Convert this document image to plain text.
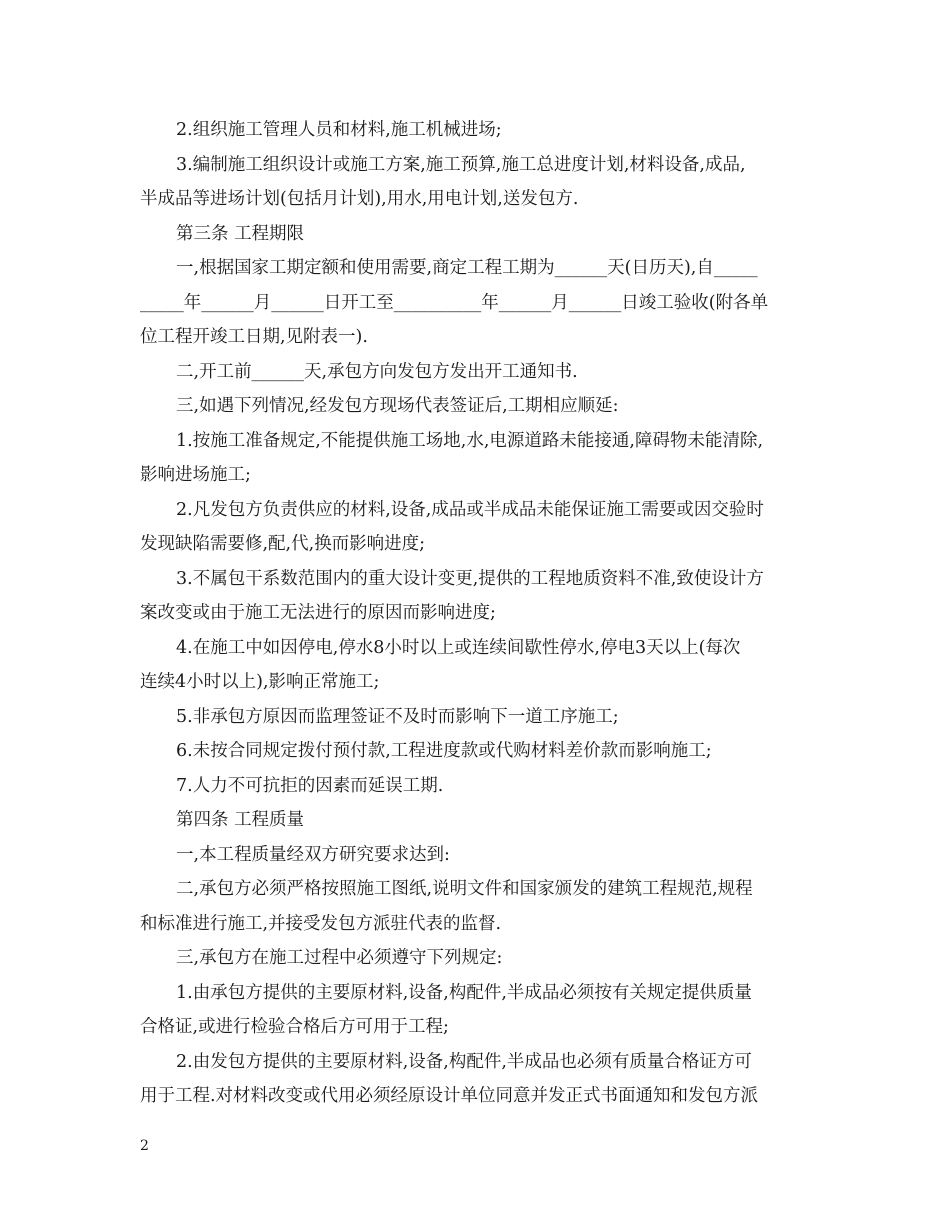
2.组织施工管理人员和材料,施工机械进场;
3.编制施工组织设计或施工方案,施工预算,施工总进度计划,材料设备,成品,
半成品等进场计划(包括月计划),用水,用电计划,送发包方.
第三条 工程期限
一,根据国家工期定额和使用需要,商定工程工期为______天(日历天),自_____
_____年______月______日开工至__________年______月______日竣工验收(附各单
位工程开竣工日期,见附表一).
二,开工前______天,承包方向发包方发出开工通知书.
三,如遇下列情况,经发包方现场代表签证后,工期相应顺延:
1.按施工准备规定,不能提供施工场地,水,电源道路未能接通,障碍物未能清除,
影响进场施工;
2.凡发包方负责供应的材料,设备,成品或半成品未能保证施工需要或因交验时
发现缺陷需要修,配,代,换而影响进度;
3.不属包干系数范围内的重大设计变更,提供的工程地质资料不准,致使设计方
案改变或由于施工无法进行的原因而影响进度;
4.在施工中如因停电,停水8小时以上或连续间歇性停水,停电3天以上(每次
连续4小时以上),影响正常施工;
5.非承包方原因而监理签证不及时而影响下一道工序施工;
6.未按合同规定拨付预付款,工程进度款或代购材料差价款而影响施工;
7.人力不可抗拒的因素而延误工期.
第四条 工程质量
一,本工程质量经双方研究要求达到:
二,承包方必须严格按照施工图纸,说明文件和国家颁发的建筑工程规范,规程
和标准进行施工,并接受发包方派驻代表的监督.
三,承包方在施工过程中必须遵守下列规定:
1.由承包方提供的主要原材料,设备,构配件,半成品必须按有关规定提供质量
合格证,或进行检验合格后方可用于工程;
2.由发包方提供的主要原材料,设备,构配件,半成品也必须有质量合格证方可
用于工程.对材料改变或代用必须经原设计单位同意并发正式书面通知和发包方派
2
